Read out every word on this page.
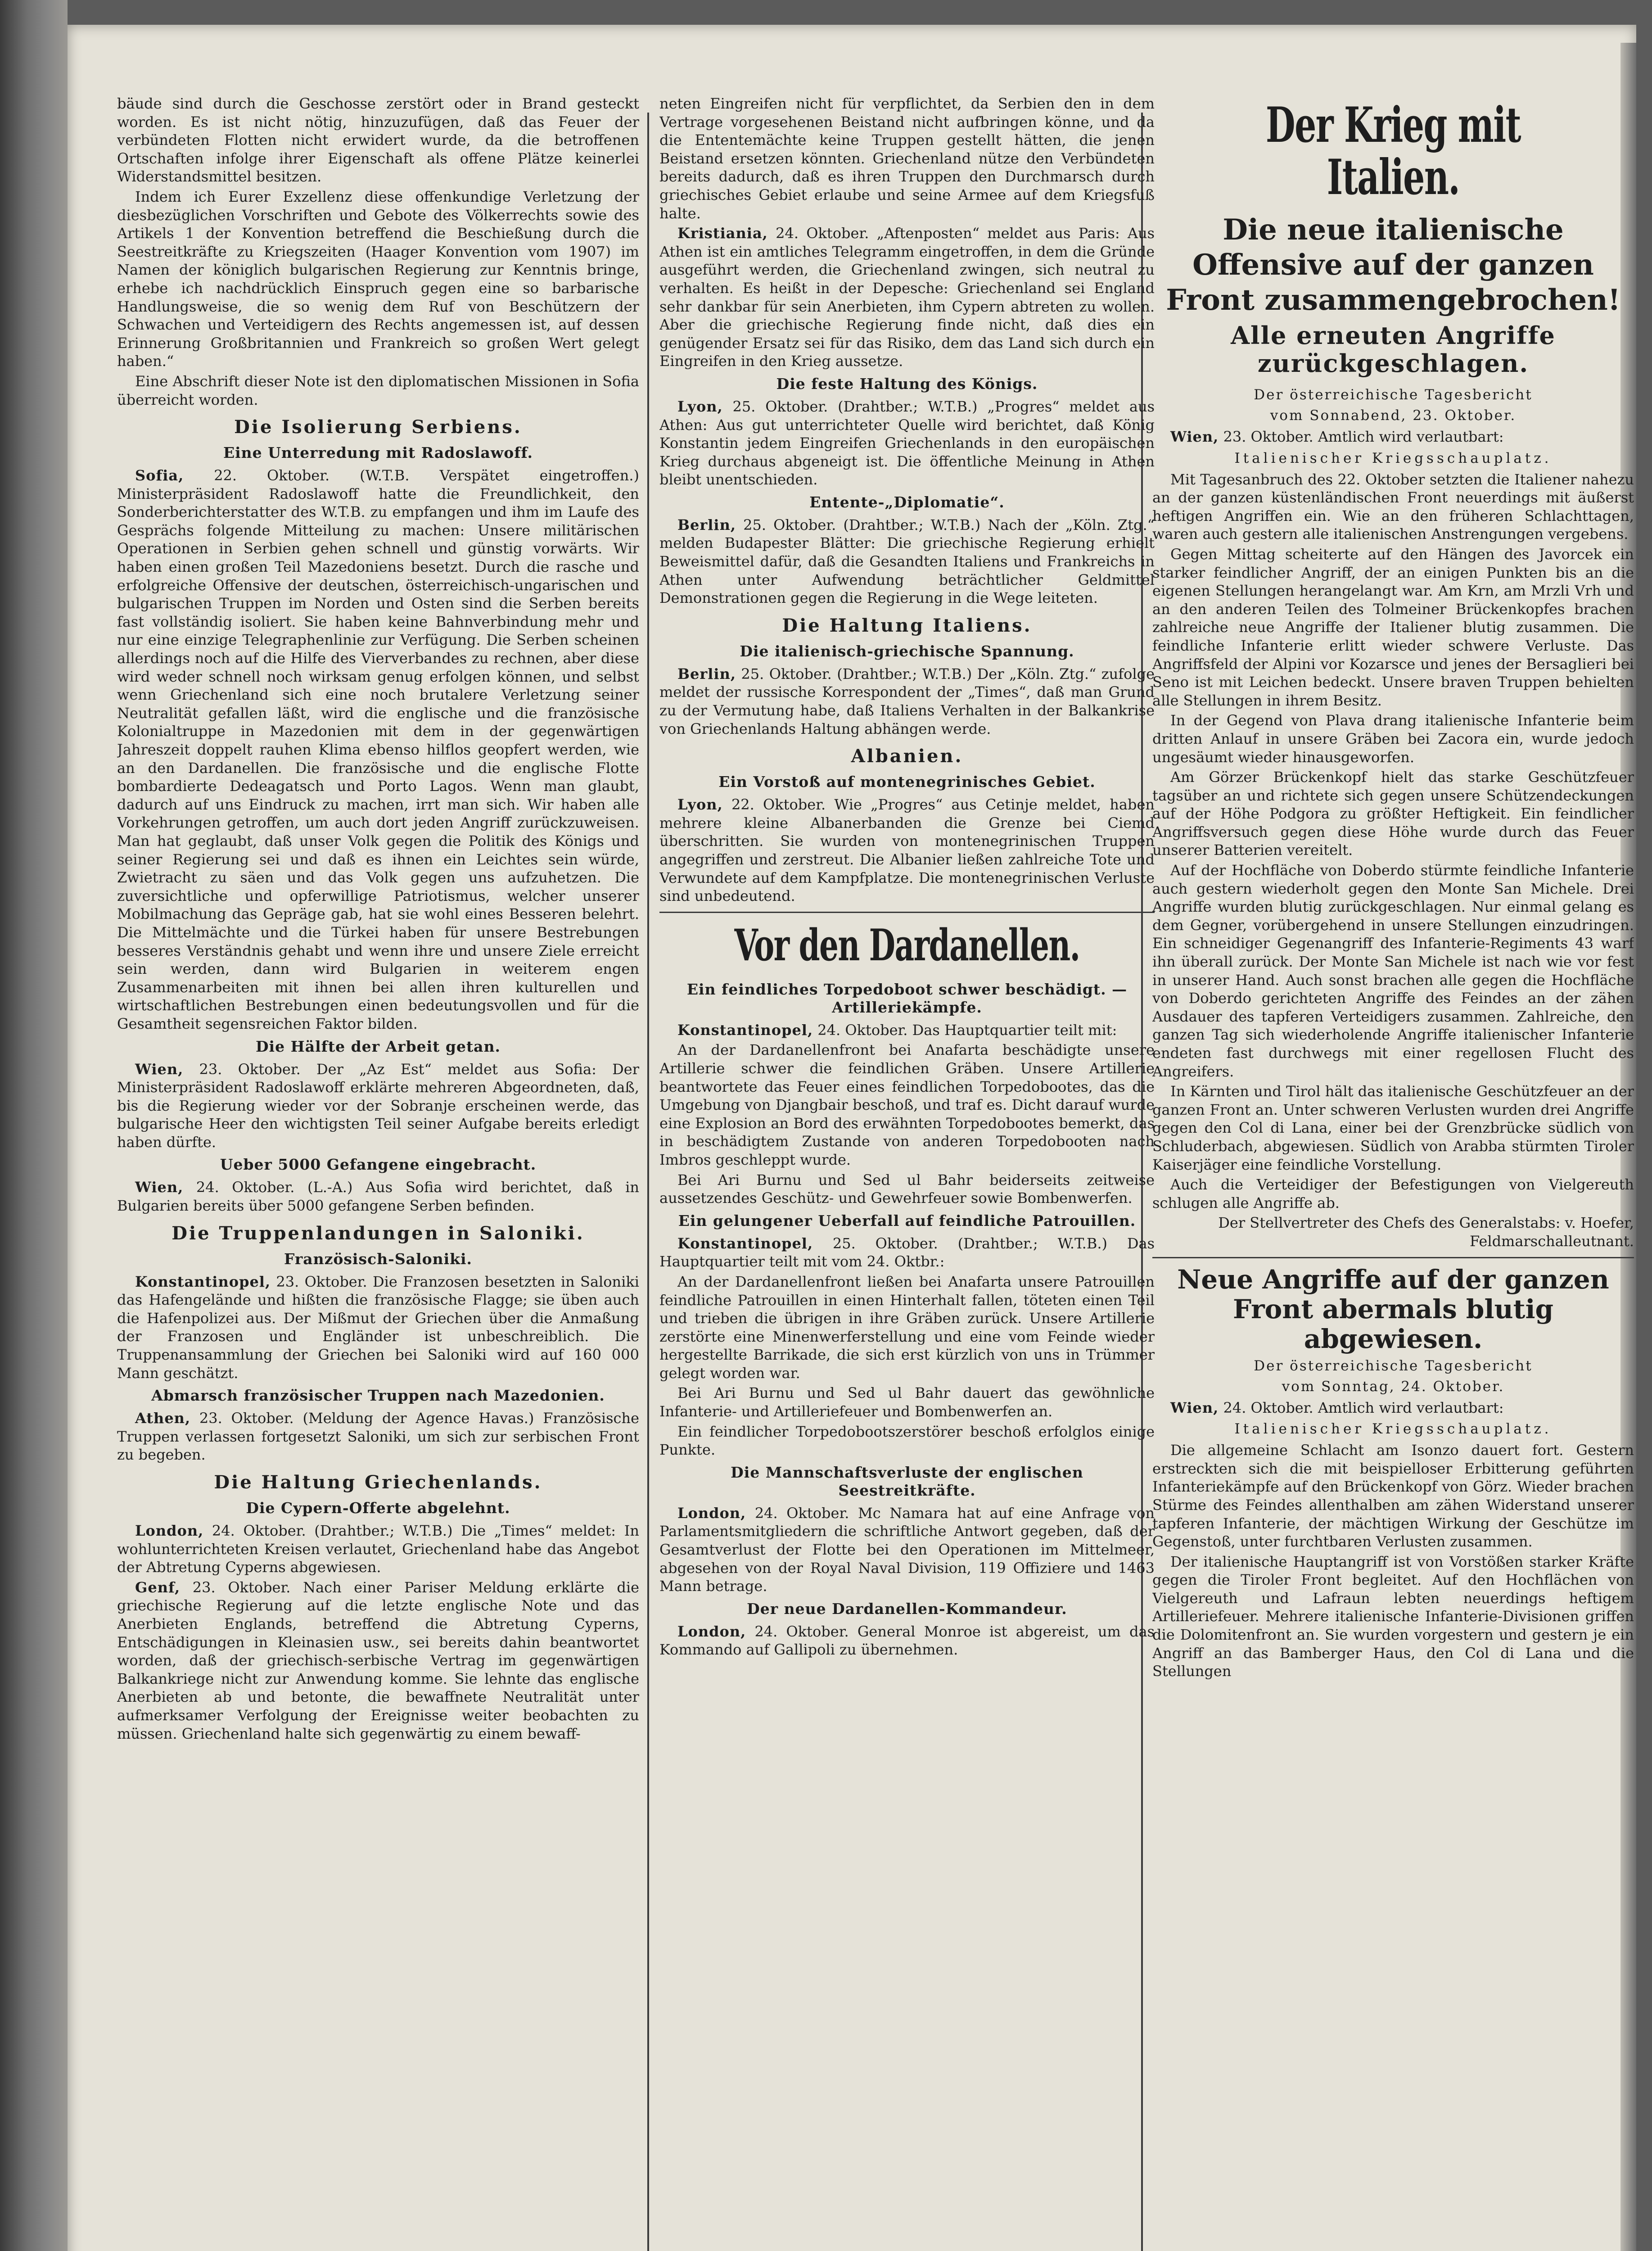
bäude sind durch die Geschosse zerstört oder in Brand gesteckt worden. Es ist nicht nötig, hinzuzufügen, daß das Feuer der verbündeten Flotten nicht erwidert wurde, da die betroffenen Ortschaften infolge ihrer Eigenschaft als offene Plätze keinerlei Widerstandsmittel besitzen.

Indem ich Eurer Exzellenz diese offenkundige Verletzung der diesbezüglichen Vorschriften und Gebote des Völkerrechts sowie des Artikels 1 der Konvention betreffend die Beschießung durch die Seestreitkräfte zu Kriegszeiten (Haager Konvention vom 1907) im Namen der königlich bulgarischen Regierung zur Kenntnis bringe, erhebe ich nachdrücklich Einspruch gegen eine so barbarische Handlungsweise, die so wenig dem Ruf von Beschützern der Schwachen und Verteidigern des Rechts angemessen ist, auf dessen Erinnerung Großbritannien und Frankreich so großen Wert gelegt haben.“

Eine Abschrift dieser Note ist den diplomatischen Missionen in Sofia überreicht worden.

Die Isolierung Serbiens.
Eine Unterredung mit Radoslawoff.

Sofia, 22. Oktober. (W.T.B. Verspätet eingetroffen.) Ministerpräsident Radoslawoff hatte die Freundlichkeit, den Sonderberichterstatter des W.T.B. zu empfangen und ihm im Laufe des Gesprächs folgende Mitteilung zu machen: Unsere militärischen Operationen in Serbien gehen schnell und günstig vorwärts. Wir haben einen großen Teil Mazedoniens besetzt. Durch die rasche und erfolgreiche Offensive der deutschen, österreichisch-ungarischen und bulgarischen Truppen im Norden und Osten sind die Serben bereits fast vollständig isoliert. Sie haben keine Bahnverbindung mehr und nur eine einzige Telegraphenlinie zur Verfügung. Die Serben scheinen allerdings noch auf die Hilfe des Vierverbandes zu rechnen, aber diese wird weder schnell noch wirksam genug erfolgen können, und selbst wenn Griechenland sich eine noch brutalere Verletzung seiner Neutralität gefallen läßt, wird die englische und die französische Kolonialtruppe in Mazedonien mit dem in der gegenwärtigen Jahreszeit doppelt rauhen Klima ebenso hilflos geopfert werden, wie an den Dardanellen. Die französische und die englische Flotte bombardierte Dedeagatsch und Porto Lagos. Wenn man glaubt, dadurch auf uns Eindruck zu machen, irrt man sich. Wir haben alle Vorkehrungen getroffen, um auch dort jeden Angriff zurückzuweisen. Man hat geglaubt, daß unser Volk gegen die Politik des Königs und seiner Regierung sei und daß es ihnen ein Leichtes sein würde, Zwietracht zu säen und das Volk gegen uns aufzuhetzen. Die zuversichtliche und opferwillige Patriotismus, welcher unserer Mobilmachung das Gepräge gab, hat sie wohl eines Besseren belehrt. Die Mittelmächte und die Türkei haben für unsere Bestrebungen besseres Verständnis gehabt und wenn ihre und unsere Ziele erreicht sein werden, dann wird Bulgarien in weiterem engen Zusammenarbeiten mit ihnen bei allen ihren kulturellen und wirtschaftlichen Bestrebungen einen bedeutungsvollen und für die Gesamtheit segensreichen Faktor bilden.

Die Hälfte der Arbeit getan.

Wien, 23. Oktober. Der „Az Est“ meldet aus Sofia: Der Ministerpräsident Radoslawoff erklärte mehreren Abgeordneten, daß, bis die Regierung wieder vor der Sobranje erscheinen werde, das bulgarische Heer den wichtigsten Teil seiner Aufgabe bereits erledigt haben dürfte.

Ueber 5000 Gefangene eingebracht.

Wien, 24. Oktober. (L.-A.) Aus Sofia wird berichtet, daß in Bulgarien bereits über 5000 gefangene Serben befinden.

Die Truppenlandungen in Saloniki.
Französisch-Saloniki.

Konstantinopel, 23. Oktober. Die Franzosen besetzten in Saloniki das Hafengelände und hißten die französische Flagge; sie üben auch die Hafenpolizei aus. Der Mißmut der Griechen über die Anmaßung der Franzosen und Engländer ist unbeschreiblich. Die Truppenansammlung der Griechen bei Saloniki wird auf 160 000 Mann geschätzt.

Abmarsch französischer Truppen nach Mazedonien.

Athen, 23. Oktober. (Meldung der Agence Havas.) Französische Truppen verlassen fortgesetzt Saloniki, um sich zur serbischen Front zu begeben.

Die Haltung Griechenlands.
Die Cypern-Offerte abgelehnt.

London, 24. Oktober. (Drahtber.; W.T.B.) Die „Times“ meldet: In wohlunterrichteten Kreisen verlautet, Griechenland habe das Angebot der Abtretung Cyperns abgewiesen.

Genf, 23. Oktober. Nach einer Pariser Meldung erklärte die griechische Regierung auf die letzte englische Note und das Anerbieten Englands, betreffend die Abtretung Cyperns, Entschädigungen in Kleinasien usw., sei bereits dahin beantwortet worden, daß der griechisch-serbische Vertrag im gegenwärtigen Balkankriege nicht zur Anwendung komme. Sie lehnte das englische Anerbieten ab und betonte, die bewaffnete Neutralität unter aufmerksamer Verfolgung der Ereignisse weiter beobachten zu müssen. Griechenland halte sich gegenwärtig zu einem bewaff-

neten Eingreifen nicht für verpflichtet, da Serbien den in dem Vertrage vorgesehenen Beistand nicht aufbringen könne, und da die Ententemächte keine Truppen gestellt hätten, die jenen Beistand ersetzen könnten. Griechenland nütze den Verbündeten bereits dadurch, daß es ihren Truppen den Durchmarsch durch griechisches Gebiet erlaube und seine Armee auf dem Kriegsfuß halte.

Kristiania, 24. Oktober. „Aftenposten“ meldet aus Paris: Aus Athen ist ein amtliches Telegramm eingetroffen, in dem die Gründe ausgeführt werden, die Griechenland zwingen, sich neutral zu verhalten. Es heißt in der Depesche: Griechenland sei England sehr dankbar für sein Anerbieten, ihm Cypern abtreten zu wollen. Aber die griechische Regierung finde nicht, daß dies ein genügender Ersatz sei für das Risiko, dem das Land sich durch ein Eingreifen in den Krieg aussetze.

Die feste Haltung des Königs.

Lyon, 25. Oktober. (Drahtber.; W.T.B.) „Progres“ meldet aus Athen: Aus gut unterrichteter Quelle wird berichtet, daß König Konstantin jedem Eingreifen Griechenlands in den europäischen Krieg durchaus abgeneigt ist. Die öffentliche Meinung in Athen bleibt unentschieden.

Entente-„Diplomatie“.

Berlin, 25. Oktober. (Drahtber.; W.T.B.) Nach der „Köln. Ztg.“ melden Budapester Blätter: Die griechische Regierung erhielt Beweismittel dafür, daß die Gesandten Italiens und Frankreichs in Athen unter Aufwendung beträchtlicher Geldmittel Demonstrationen gegen die Regierung in die Wege leiteten.

Die Haltung Italiens.
Die italienisch-griechische Spannung.

Berlin, 25. Oktober. (Drahtber.; W.T.B.) Der „Köln. Ztg.“ zufolge meldet der russische Korrespondent der „Times“, daß man Grund zu der Vermutung habe, daß Italiens Verhalten in der Balkankrise von Griechenlands Haltung abhängen werde.

Albanien.
Ein Vorstoß auf montenegrinisches Gebiet.

Lyon, 22. Oktober. Wie „Progres“ aus Cetinje meldet, haben mehrere kleine Albanerbanden die Grenze bei Ciemd überschritten. Sie wurden von montenegrinischen Truppen angegriffen und zerstreut. Die Albanier ließen zahlreiche Tote und Verwundete auf dem Kampfplatze. Die montenegrinischen Verluste sind unbedeutend.

Vor den Dardanellen.
Ein feindliches Torpedoboot schwer beschädigt. — Artilleriekämpfe.

Konstantinopel, 24. Oktober. Das Hauptquartier teilt mit:

An der Dardanellenfront bei Anafarta beschädigte unsere Artillerie schwer die feindlichen Gräben. Unsere Artillerie beantwortete das Feuer eines feindlichen Torpedobootes, das die Umgebung von Djangbair beschoß, und traf es. Dicht darauf wurde eine Explosion an Bord des erwähnten Torpedobootes bemerkt, das in beschädigtem Zustande von anderen Torpedobooten nach Imbros geschleppt wurde.

Bei Ari Burnu und Sed ul Bahr beiderseits zeitweise aussetzendes Geschütz- und Gewehrfeuer sowie Bombenwerfen.

Ein gelungener Ueberfall auf feindliche Patrouillen.

Konstantinopel, 25. Oktober. (Drahtber.; W.T.B.) Das Hauptquartier teilt mit vom 24. Oktbr.:

An der Dardanellenfront ließen bei Anafarta unsere Patrouillen feindliche Patrouillen in einen Hinterhalt fallen, töteten einen Teil und trieben die übrigen in ihre Gräben zurück. Unsere Artillerie zerstörte eine Minenwerferstellung und eine vom Feinde wieder hergestellte Barrikade, die sich erst kürzlich von uns in Trümmer gelegt worden war.

Bei Ari Burnu und Sed ul Bahr dauert das gewöhnliche Infanterie- und Artilleriefeuer und Bombenwerfen an.

Ein feindlicher Torpedobootszerstörer beschoß erfolglos einige Punkte.

Die Mannschaftsverluste der englischen Seestreitkräfte.

London, 24. Oktober. Mc Namara hat auf eine Anfrage von Parlamentsmitgliedern die schriftliche Antwort gegeben, daß der Gesamtverlust der Flotte bei den Operationen im Mittelmeer, abgesehen von der Royal Naval Division, 119 Offiziere und 1463 Mann betrage.

Der neue Dardanellen-Kommandeur.

London, 24. Oktober. General Monroe ist abgereist, um das Kommando auf Gallipoli zu übernehmen.

Der Krieg mit Italien.
Die neue italienische Offensive auf der ganzen Front zusammengebrochen!
Alle erneuten Angriffe zurückgeschlagen.
Der österreichische Tagesbericht
vom Sonnabend, 23. Oktober.

Wien, 23. Oktober. Amtlich wird verlautbart:

Italienischer Kriegsschauplatz.

Mit Tagesanbruch des 22. Oktober setzten die Italiener nahezu an der ganzen küstenländischen Front neuerdings mit äußerst heftigen Angriffen ein. Wie an den früheren Schlachttagen, waren auch gestern alle italienischen Anstrengungen vergebens.

Gegen Mittag scheiterte auf den Hängen des Javorcek ein starker feindlicher Angriff, der an einigen Punkten bis an die eigenen Stellungen herangelangt war. Am Krn, am Mrzli Vrh und an den anderen Teilen des Tolmeiner Brückenkopfes brachen zahlreiche neue Angriffe der Italiener blutig zusammen. Die feindliche Infanterie erlitt wieder schwere Verluste. Das Angriffsfeld der Alpini vor Kozarsce und jenes der Bersaglieri bei Seno ist mit Leichen bedeckt. Unsere braven Truppen behielten alle Stellungen in ihrem Besitz.

In der Gegend von Plava drang italienische Infanterie beim dritten Anlauf in unsere Gräben bei Zacora ein, wurde jedoch ungesäumt wieder hinausgeworfen.

Am Görzer Brückenkopf hielt das starke Geschützfeuer tagsüber an und richtete sich gegen unsere Schützendeckungen auf der Höhe Podgora zu größter Heftigkeit. Ein feindlicher Angriffsversuch gegen diese Höhe wurde durch das Feuer unserer Batterien vereitelt.

Auf der Hochfläche von Doberdo stürmte feindliche Infanterie auch gestern wiederholt gegen den Monte San Michele. Drei Angriffe wurden blutig zurückgeschlagen. Nur einmal gelang es dem Gegner, vorübergehend in unsere Stellungen einzudringen. Ein schneidiger Gegenangriff des Infanterie-Regiments 43 warf ihn überall zurück. Der Monte San Michele ist nach wie vor fest in unserer Hand. Auch sonst brachen alle gegen die Hochfläche von Doberdo gerichteten Angriffe des Feindes an der zähen Ausdauer des tapferen Verteidigers zusammen. Zahlreiche, den ganzen Tag sich wiederholende Angriffe italienischer Infanterie endeten fast durchwegs mit einer regellosen Flucht des Angreifers.

In Kärnten und Tirol hält das italienische Geschützfeuer an der ganzen Front an. Unter schweren Verlusten wurden drei Angriffe gegen den Col di Lana, einer bei der Grenzbrücke südlich von Schluderbach, abgewiesen. Südlich von Arabba stürmten Tiroler Kaiserjäger eine feindliche Vorstellung.

Auch die Verteidiger der Befestigungen von Vielgereuth schlugen alle Angriffe ab.

Der Stellvertreter des Chefs des Generalstabs: v. Hoefer, Feldmarschalleutnant.

Neue Angriffe auf der ganzen Front abermals blutig abgewiesen.
Der österreichische Tagesbericht
vom Sonntag, 24. Oktober.

Wien, 24. Oktober. Amtlich wird verlautbart:

Italienischer Kriegsschauplatz.

Die allgemeine Schlacht am Isonzo dauert fort. Gestern erstreckten sich die mit beispielloser Erbitterung geführten Infanteriekämpfe auf den Brückenkopf von Görz. Wieder brachen Stürme des Feindes allenthalben am zähen Widerstand unserer tapferen Infanterie, der mächtigen Wirkung der Geschütze im Gegenstoß, unter furchtbaren Verlusten zusammen.

Der italienische Hauptangriff ist von Vorstößen starker Kräfte gegen die Tiroler Front begleitet. Auf den Hochflächen von Vielgereuth und Lafraun lebten neuerdings heftigem Artilleriefeuer. Mehrere italienische Infanterie-Divisionen griffen die Dolomitenfront an. Sie wurden vorgestern und gestern je ein Angriff an das Bamberger Haus, den Col di Lana und die Stellungen
